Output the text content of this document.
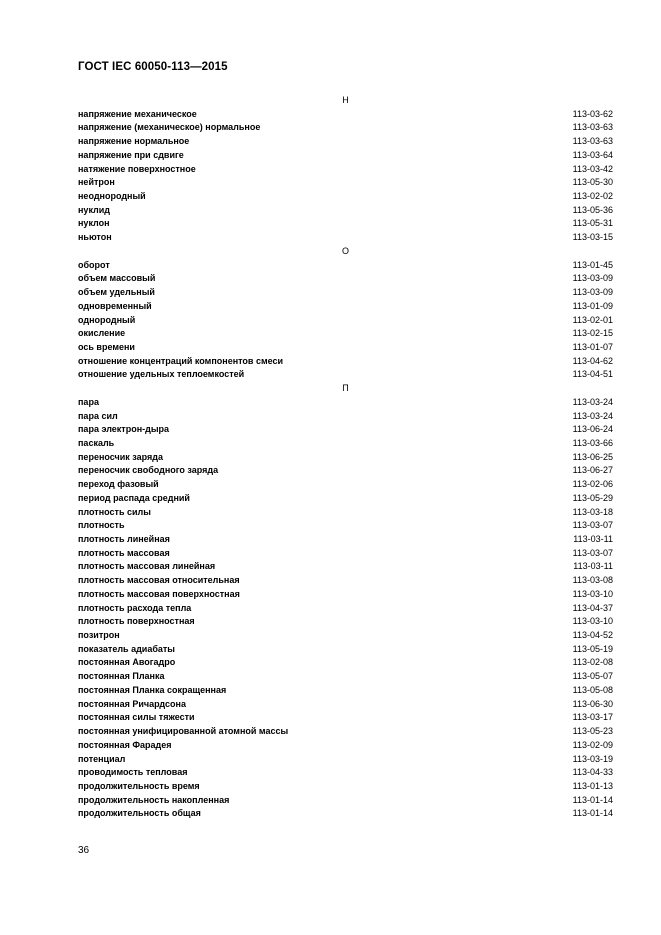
ГОСТ IEC 60050-113—2015
Н
напряжение механическое	113-03-62
напряжение (механическое) нормальное	113-03-63
напряжение нормальное	113-03-63
напряжение при сдвиге	113-03-64
натяжение поверхностное	113-03-42
нейтрон	113-05-30
неоднородный	113-02-02
нуклид	113-05-36
нуклон	113-05-31
ньютон	113-03-15
О
оборот	113-01-45
объем массовый	113-03-09
объем удельный	113-03-09
одновременный	113-01-09
однородный	113-02-01
окисление	113-02-15
ось времени	113-01-07
отношение концентраций компонентов смеси	113-04-62
отношение удельных теплоемкостей	113-04-51
П
пара	113-03-24
пара сил	113-03-24
пара электрон-дыра	113-06-24
паскаль	113-03-66
переносчик заряда	113-06-25
переносчик свободного заряда	113-06-27
переход фазовый	113-02-06
период распада средний	113-05-29
плотность силы	113-03-18
плотность	113-03-07
плотность линейная	113-03-11
плотность массовая	113-03-07
плотность массовая линейная	113-03-11
плотность массовая относительная	113-03-08
плотность массовая поверхностная	113-03-10
плотность расхода тепла	113-04-37
плотность поверхностная	113-03-10
позитрон	113-04-52
показатель адиабаты	113-05-19
постоянная Авогадро	113-02-08
постоянная Планка	113-05-07
постоянная Планка сокращенная	113-05-08
постоянная Ричардсона	113-06-30
постоянная силы тяжести	113-03-17
постоянная унифицированной атомной массы	113-05-23
постоянная Фарадея	113-02-09
потенциал	113-03-19
проводимость тепловая	113-04-33
продолжительность время	113-01-13
продолжительность накопленная	113-01-14
продолжительность общая	113-01-14
36
